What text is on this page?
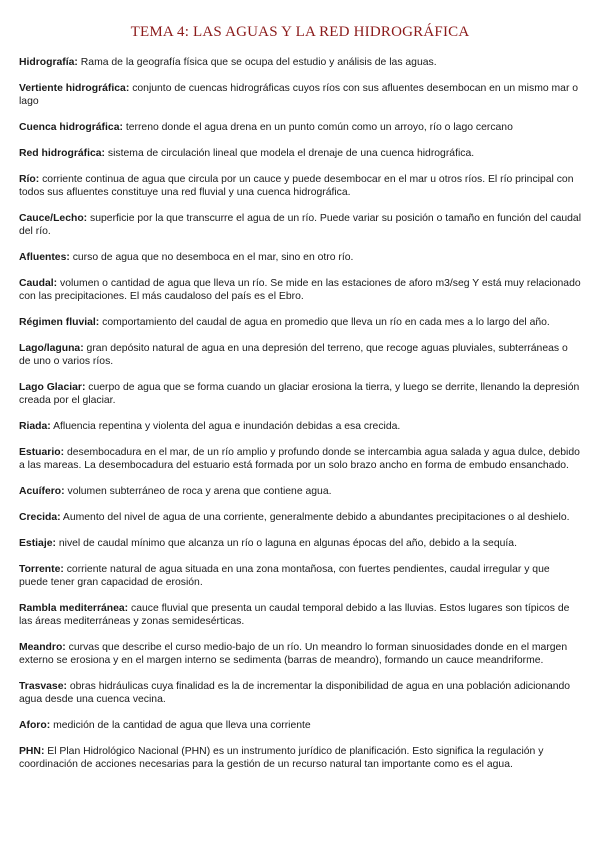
TEMA 4: LAS AGUAS Y LA RED HIDROGRÁFICA

Hidrografía: Rama de la geografía física que se ocupa del estudio y análisis de las aguas.

Vertiente hidrográfica: conjunto de cuencas hidrográficas cuyos ríos con sus afluentes desembocan en un mismo mar o lago

Cuenca hidrográfica: terreno donde el agua drena en un punto común como un arroyo, río o lago cercano

Red hidrográfica: sistema de circulación lineal que modela el drenaje de una cuenca hidrográfica.

Río: corriente continua de agua que circula por un cauce y puede desembocar en el mar u otros ríos. El río principal con todos sus afluentes constituye una red fluvial y una cuenca hidrográfica.

Cauce/Lecho: superficie por la que transcurre el agua de un río. Puede variar su posición o tamaño en función del caudal del río.

Afluentes: curso de agua que no desemboca en el mar, sino en otro río.

Caudal: volumen o cantidad de agua que lleva un río. Se mide en las estaciones de aforo m3/seg Y está muy relacionado con las precipitaciones. El más caudaloso del país es el Ebro.

Régimen fluvial: comportamiento del caudal de agua en promedio que lleva un río en cada mes a lo largo del año.

Lago/laguna: gran depósito natural de agua en una depresión del terreno, que recoge aguas pluviales, subterráneas o de uno o varios ríos.

Lago Glaciar: cuerpo de agua que se forma cuando un glaciar erosiona la tierra, y luego se derrite, llenando la depresión creada por el glaciar.

Riada: Afluencia repentina y violenta del agua e inundación debidas a esa crecida.

Estuario: desembocadura en el mar, de un río amplio y profundo donde se intercambia agua salada y agua dulce, debido a las mareas. La desembocadura del estuario está formada por un solo brazo ancho en forma de embudo ensanchado.

Acuífero: volumen subterráneo de roca y arena que contiene agua.

Crecida: Aumento del nivel de agua de una corriente, generalmente debido a abundantes precipitaciones o al deshielo.

Estiaje: nivel de caudal mínimo que alcanza un río o laguna en algunas épocas del año, debido a la sequía.

Torrente: corriente natural de agua situada en una zona montañosa, con fuertes pendientes, caudal irregular y que puede tener gran capacidad de erosión.

Rambla mediterránea: cauce fluvial que presenta un caudal temporal debido a las lluvias. Estos lugares son típicos de las áreas mediterráneas y zonas semidesérticas.

Meandro: curvas que describe el curso medio-bajo de un río. Un meandro lo forman sinuosidades donde en el margen externo se erosiona y en el margen interno se sedimenta (barras de meandro), formando un cauce meandriforme.

Trasvase: obras hidráulicas cuya finalidad es la de incrementar la disponibilidad de agua en una población adicionando agua desde una cuenca vecina.

Aforo: medición de la cantidad de agua que lleva una corriente

PHN: El Plan Hidrológico Nacional (PHN) es un instrumento jurídico de planificación. Esto significa la regulación y coordinación de acciones necesarias para la gestión de un recurso natural tan importante como es el agua.
